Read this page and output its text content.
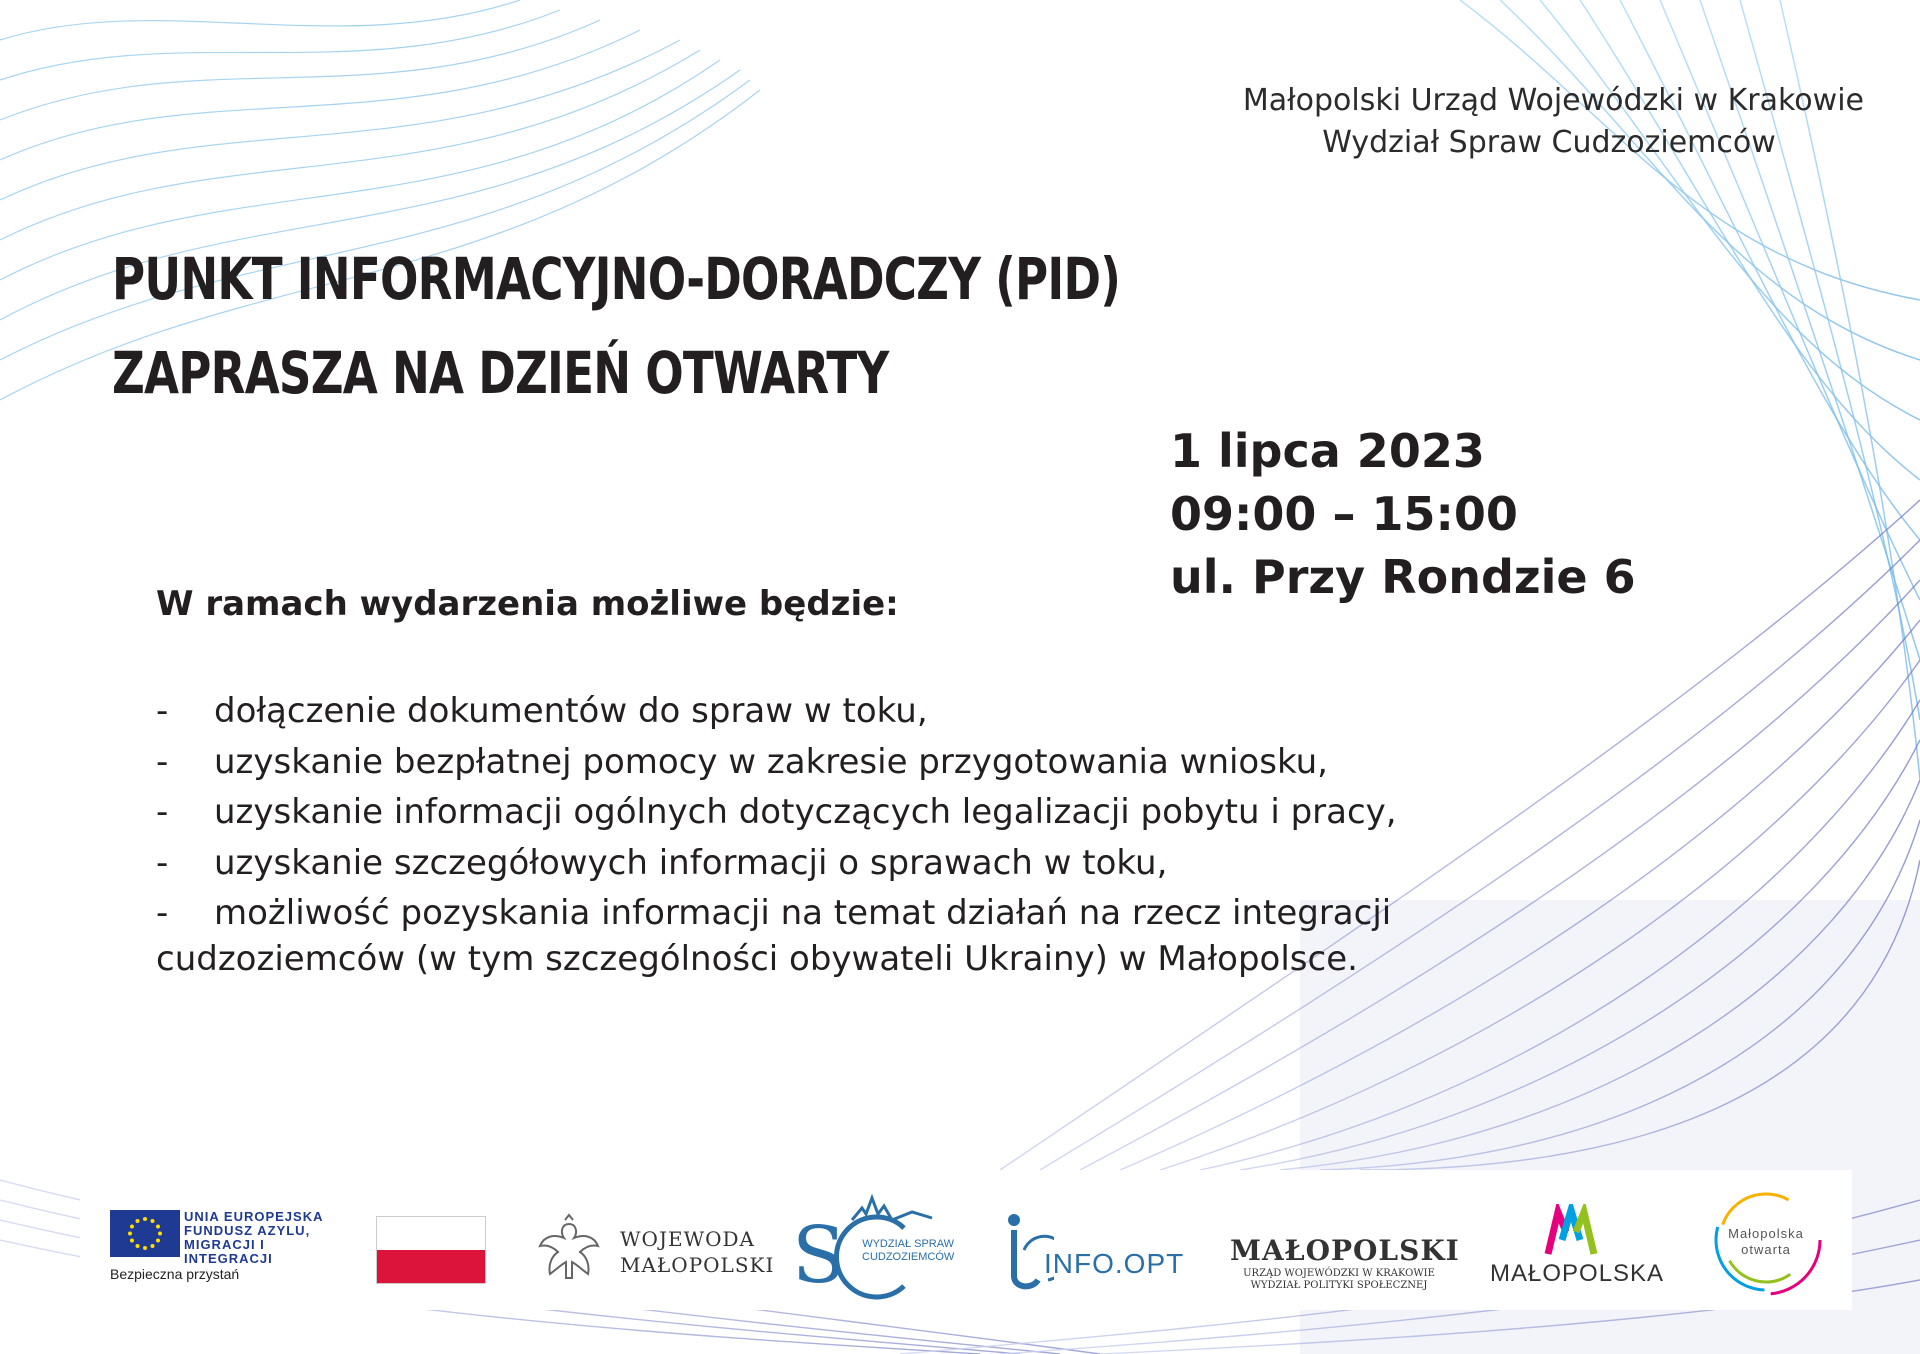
Małopolski Urząd Wojewódzki w Krakowie
Wydział Spraw Cudzoziemców
PUNKT INFORMACYJNO-DORADCZY (PID)
ZAPRASZA NA DZIEŃ OTWARTY
1 lipca 2023
09:00 – 15:00
ul. Przy Rondzie 6
W ramach wydarzenia możliwe będzie:
- dołączenie dokumentów do spraw w toku,
- uzyskanie bezpłatnej pomocy w zakresie przygotowania wniosku,
- uzyskanie informacji ogólnych dotyczących legalizacji pobytu i pracy,
- uzyskanie szczegółowych informacji o sprawach w toku,
- możliwość pozyskania informacji na temat działań na rzecz integracji
cudzoziemców (w tym szczególności obywateli Ukrainy) w Małopolsce.
UNIA EUROPEJSKA
FUNDUSZ AZYLU,
MIGRACJI I INTEGRACJI
Bezpieczna przystań
WOJEWODA
MAŁOPOLSKI S WYDZIAŁ SPRAW
CUDZOZIEMCÓW	INFO.OPT MAŁOPOLSKI
URZĄD WOJEWÓDZKI W KRAKOWIE
WYDZIAŁ POLITYKI SPOŁECZNEJ	MAŁOPOLSKA
Małopolska
otwarta
